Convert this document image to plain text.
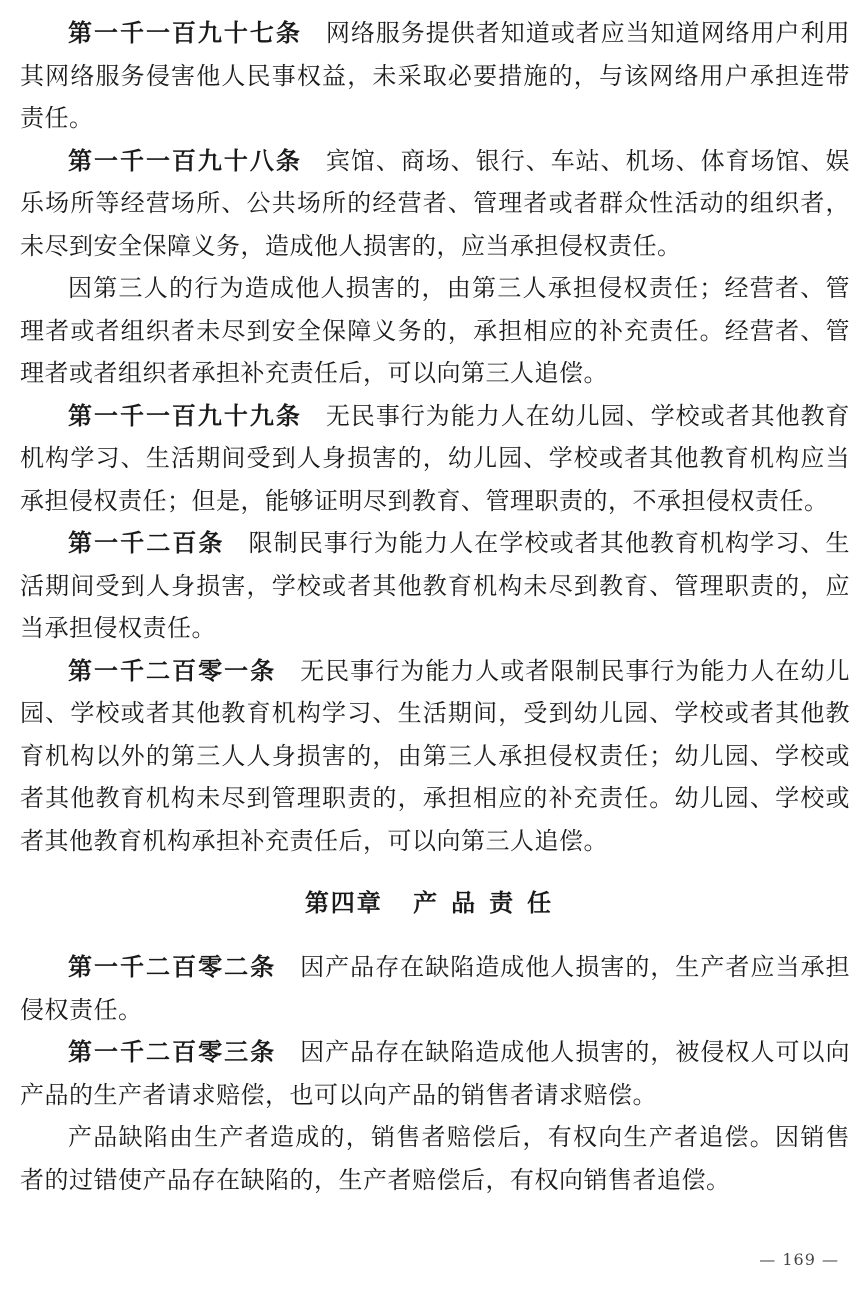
第一千一百九十七条 网络服务提供者知道或者应当知道网络用户利用其网络服务侵害他人民事权益，未采取必要措施的，与该网络用户承担连带责任。

第一千一百九十八条 宾馆、商场、银行、车站、机场、体育场馆、娱乐场所等经营场所、公共场所的经营者、管理者或者群众性活动的组织者，未尽到安全保障义务，造成他人损害的，应当承担侵权责任。

因第三人的行为造成他人损害的，由第三人承担侵权责任；经营者、管理者或者组织者未尽到安全保障义务的，承担相应的补充责任。经营者、管理者或者组织者承担补充责任后，可以向第三人追偿。

第一千一百九十九条 无民事行为能力人在幼儿园、学校或者其他教育机构学习、生活期间受到人身损害的，幼儿园、学校或者其他教育机构应当承担侵权责任；但是，能够证明尽到教育、管理职责的，不承担侵权责任。

第一千二百条 限制民事行为能力人在学校或者其他教育机构学习、生活期间受到人身损害，学校或者其他教育机构未尽到教育、管理职责的，应当承担侵权责任。

第一千二百零一条 无民事行为能力人或者限制民事行为能力人在幼儿园、学校或者其他教育机构学习、生活期间，受到幼儿园、学校或者其他教育机构以外的第三人人身损害的，由第三人承担侵权责任；幼儿园、学校或者其他教育机构未尽到管理职责的，承担相应的补充责任。幼儿园、学校或者其他教育机构承担补充责任后，可以向第三人追偿。

第四章 产品责任

第一千二百零二条 因产品存在缺陷造成他人损害的，生产者应当承担侵权责任。

第一千二百零三条 因产品存在缺陷造成他人损害的，被侵权人可以向产品的生产者请求赔偿，也可以向产品的销售者请求赔偿。

产品缺陷由生产者造成的，销售者赔偿后，有权向生产者追偿。因销售者的过错使产品存在缺陷的，生产者赔偿后，有权向销售者追偿。

— 169 —
